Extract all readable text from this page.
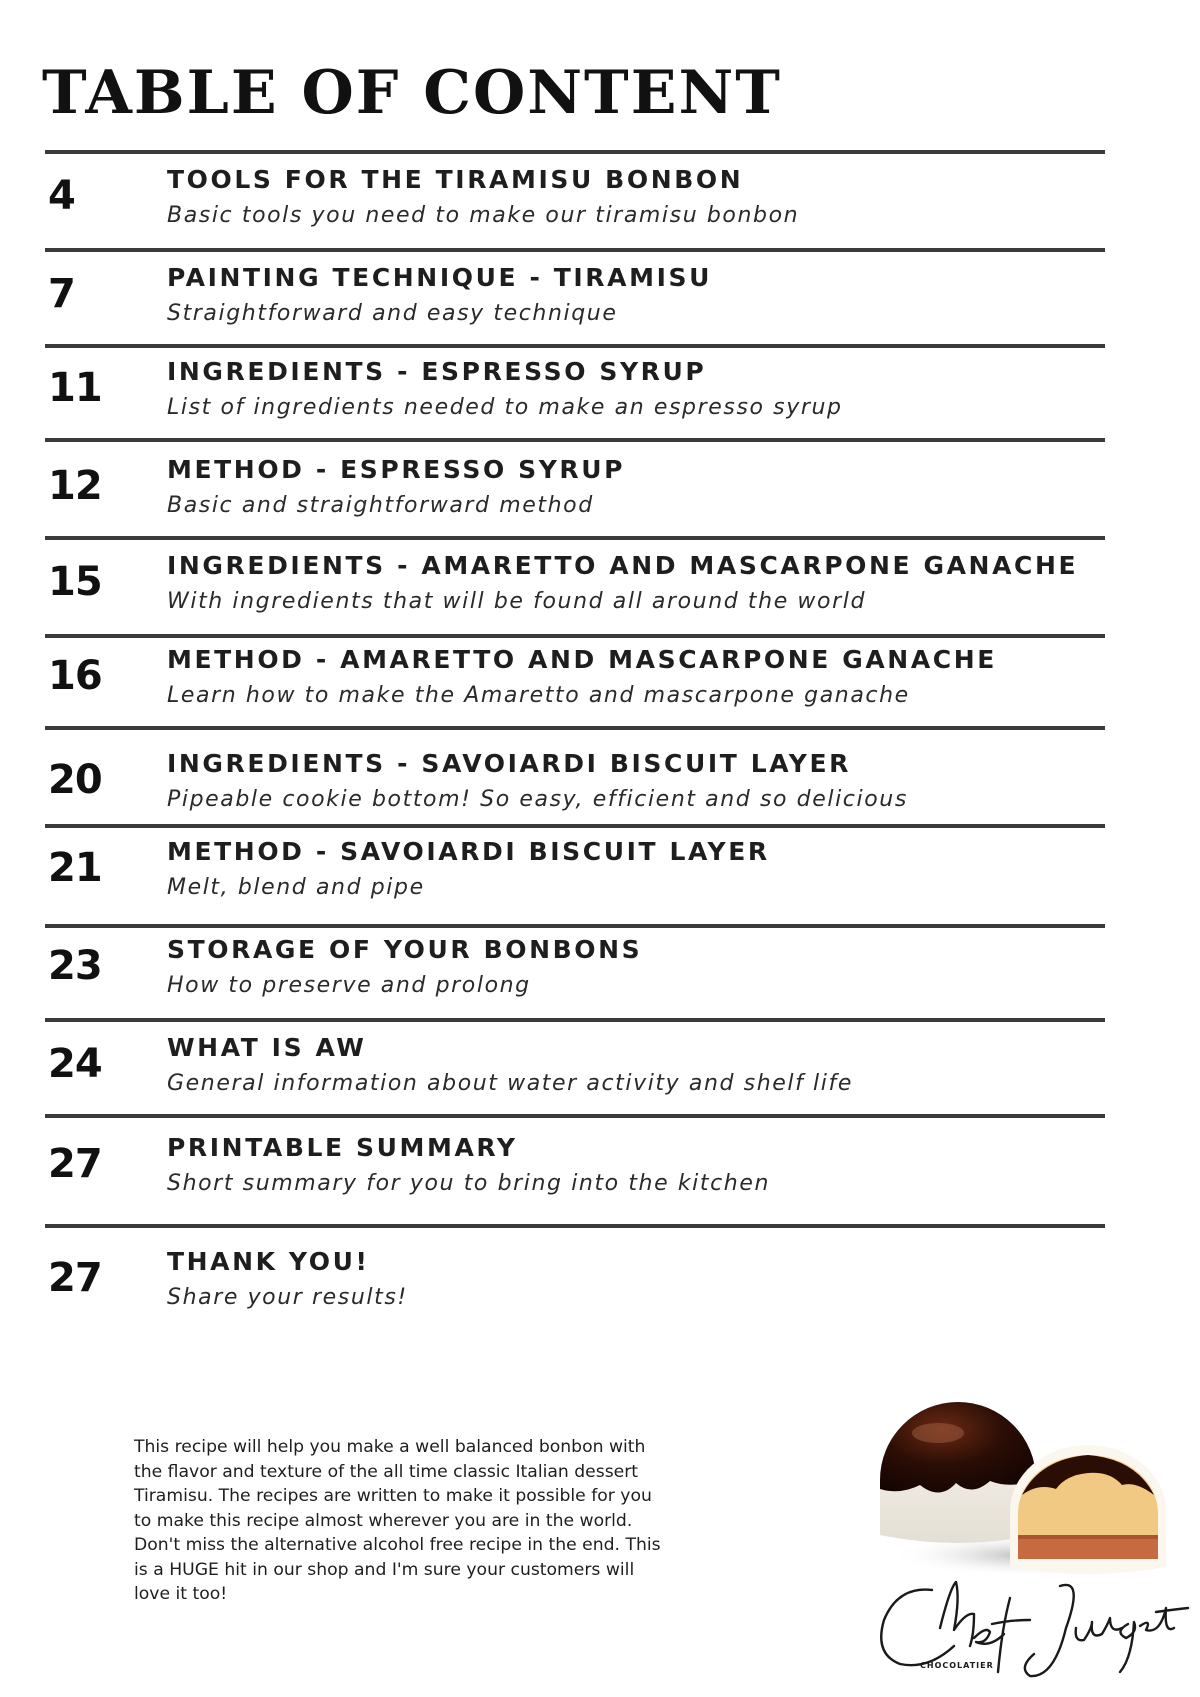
TABLE OF CONTENT
4	TOOLS FOR THE TIRAMISU BONBON
Basic tools you need to make our tiramisu bonbon
7	PAINTING TECHNIQUE - TIRAMISU
Straightforward and easy technique
11	INGREDIENTS - ESPRESSO SYRUP
List of ingredients needed to make an espresso syrup
12	METHOD - ESPRESSO SYRUP
Basic and straightforward method
15	INGREDIENTS - AMARETTO AND MASCARPONE GANACHE
With ingredients that will be found all around the world
16	METHOD - AMARETTO AND MASCARPONE GANACHE
Learn how to make the Amaretto and mascarpone ganache
20	INGREDIENTS - SAVOIARDI BISCUIT LAYER
Pipeable cookie bottom! So easy, efficient and so delicious
21	METHOD - SAVOIARDI BISCUIT LAYER
Melt, blend and pipe
23	STORAGE OF YOUR BONBONS
How to preserve and prolong
24	WHAT IS AW
General information about water activity and shelf life
27	PRINTABLE SUMMARY
Short summary for you to bring into the kitchen
27	THANK YOU!
Share your results!

This recipe will help you make a well balanced bonbon with the flavor and texture of the all time classic Italian dessert Tiramisu. The recipes are written to make it possible for you to make this recipe almost wherever you are in the world. Don't miss the alternative alcohol free recipe in the end. This is a HUGE hit in our shop and I'm sure your customers will love it too!

CHOCOLATIER
